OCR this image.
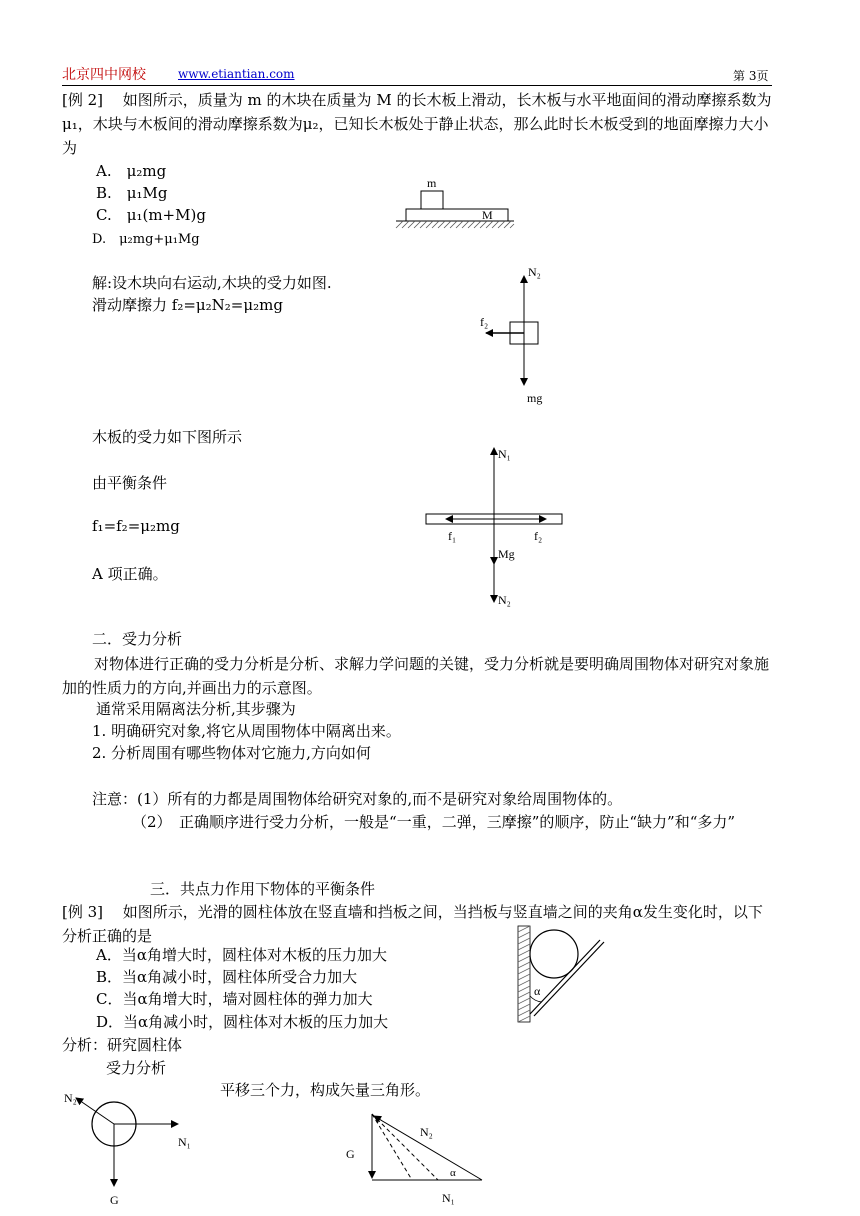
北京四中网校	www.etiantian.com	第 3页
[例 2]　 如图所示，质量为 m 的木块在质量为 M 的长木板上滑动，长木板与水平地面间的滑动摩擦系数为μ₁，木块与木板间的滑动摩擦系数为μ₂，已知长木板处于静止状态，那么此时长木板受到的地面摩擦力大小为
A.　μ₂mg
B.　μ₁Mg
C.　μ₁(m+M)g
D.　μ₂mg+μ₁Mg
m
M
解:设木块向右运动,木块的受力如图.
滑动摩擦力 f₂=μ₂N₂=μ₂mg
N₂
f₂
mg
木板的受力如下图所示
由平衡条件
f₁=f₂=μ₂mg
A 项正确。
N₁
f₁	f₂
Mg
N₂
二．受力分析
对物体进行正确的受力分析是分析、求解力学问题的关键，受力分析就是要明确周围物体对研究对象施加的性质力的方向,并画出力的示意图。
通常采用隔离法分析,其步骤为
1. 明确研究对象,将它从周围物体中隔离出来。
2. 分析周围有哪些物体对它施力,方向如何
注意：(1）所有的力都是周围物体给研究对象的,而不是研究对象给周围物体的。
（2）　正确顺序进行受力分析，一般是“一重，二弹，三摩擦”的顺序，防止“缺力”和“多力”
三．共点力作用下物体的平衡条件
[例 3]　 如图所示，光滑的圆柱体放在竖直墙和挡板之间，当挡板与竖直墙之间的夹角α发生变化时，以下分析正确的是
A．当α角增大时，圆柱体对木板的压力加大
B．当α角减小时，圆柱体所受合力加大
C．当α角增大时，墙对圆柱体的弹力加大
D．当α角减小时，圆柱体对木板的压力加大
α
分析：研究圆柱体
受力分析
平移三个力，构成矢量三角形。
N₂
N₁
G
N₂
G
α
N₁
